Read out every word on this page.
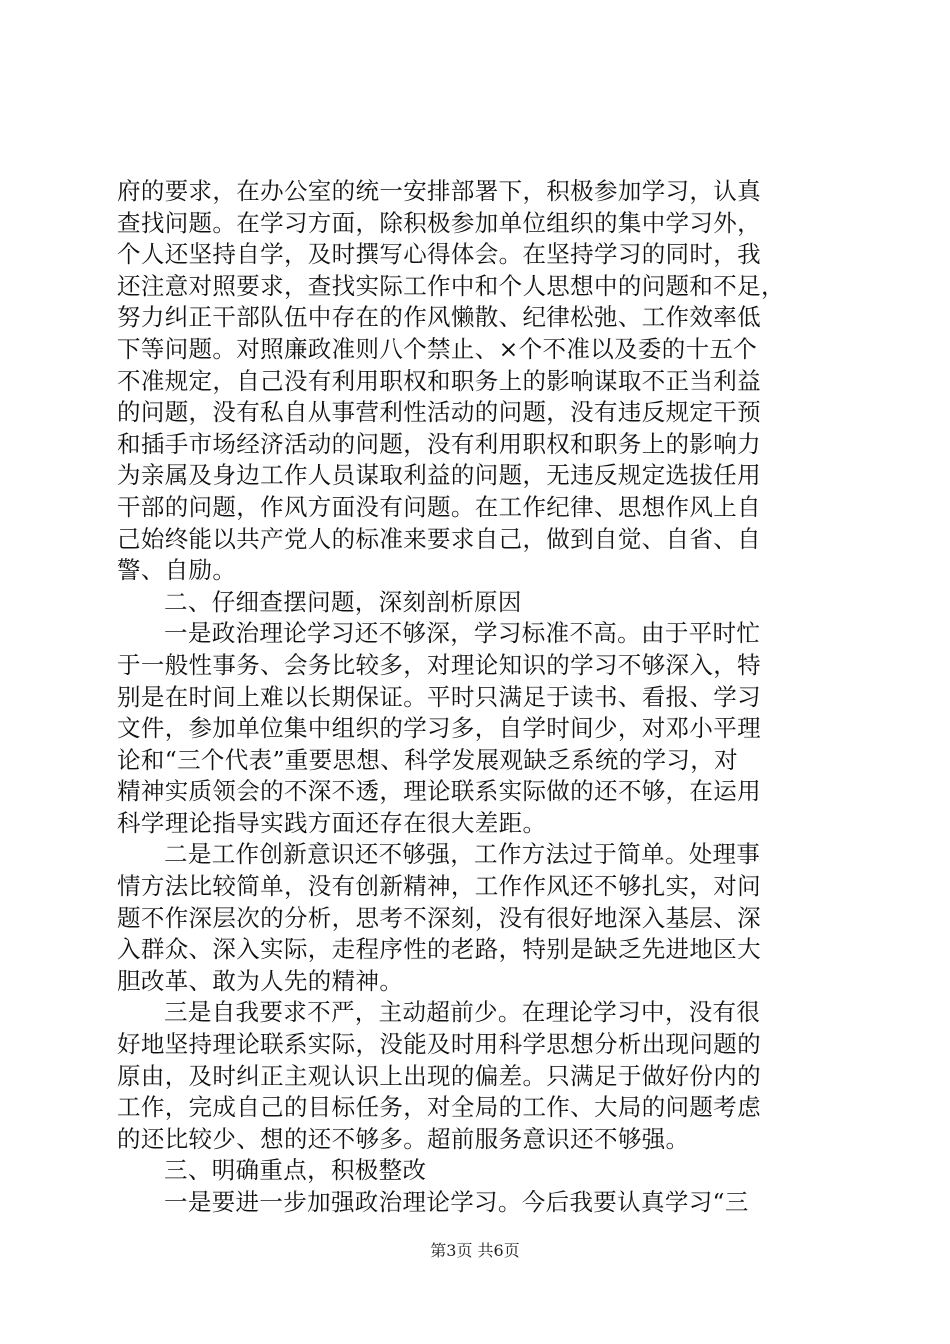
府的要求，在办公室的统一安排部署下，积极参加学习，认真
查找问题。在学习方面，除积极参加单位组织的集中学习外，
个人还坚持自学，及时撰写心得体会。在坚持学习的同时，我
还注意对照要求，查找实际工作中和个人思想中的问题和不足，
努力纠正干部队伍中存在的作风懒散、纪律松弛、工作效率低
下等问题。对照廉政准则八个禁止、×个不准以及委的十五个
不准规定，自己没有利用职权和职务上的影响谋取不正当利益
的问题，没有私自从事营利性活动的问题，没有违反规定干预
和插手市场经济活动的问题，没有利用职权和职务上的影响力
为亲属及身边工作人员谋取利益的问题，无违反规定选拔任用
干部的问题，作风方面没有问题。在工作纪律、思想作风上自
己始终能以共产党人的标准来要求自己，做到自觉、自省、自
警、自励。
二、仔细查摆问题，深刻剖析原因
一是政治理论学习还不够深，学习标准不高。由于平时忙
于一般性事务、会务比较多，对理论知识的学习不够深入，特
别是在时间上难以长期保证。平时只满足于读书、看报、学习
文件，参加单位集中组织的学习多，自学时间少，对邓小平理
论和“三个代表”重要思想、科学发展观缺乏系统的学习，对
精神实质领会的不深不透，理论联系实际做的还不够，在运用
科学理论指导实践方面还存在很大差距。
二是工作创新意识还不够强，工作方法过于简单。处理事
情方法比较简单，没有创新精神，工作作风还不够扎实，对问
题不作深层次的分析，思考不深刻，没有很好地深入基层、深
入群众、深入实际，走程序性的老路，特别是缺乏先进地区大
胆改革、敢为人先的精神。
三是自我要求不严，主动超前少。在理论学习中，没有很
好地坚持理论联系实际，没能及时用科学思想分析出现问题的
原由，及时纠正主观认识上出现的偏差。只满足于做好份内的
工作，完成自己的目标任务，对全局的工作、大局的问题考虑
的还比较少、想的还不够多。超前服务意识还不够强。
三、明确重点，积极整改
一是要进一步加强政治理论学习。今后我要认真学习“三
第3页 共6页
